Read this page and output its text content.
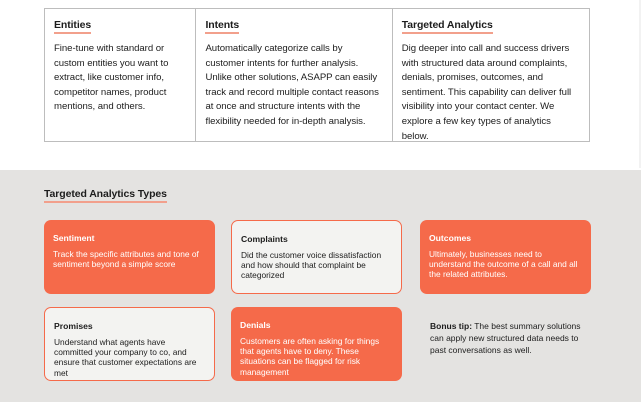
Entities
Fine-tune with standard or custom entities you want to extract, like customer info, competitor names, product mentions, and others.
Intents
Automatically categorize calls by customer intents for further analysis. Unlike other solutions, ASAPP can easily track and record multiple contact reasons at once and structure intents with the flexibility needed for in-depth analysis.
Targeted Analytics
Dig deeper into call and success drivers with structured data around complaints, denials, promises, outcomes, and sentiment. This capability can deliver full visibility into your contact center. We explore a few key types of analytics below.
Targeted Analytics Types
Sentiment
Track the specific attributes and tone of sentiment beyond a simple score
Complaints
Did the customer voice dissatisfaction and how should that complaint be categorized
Outcomes
Ultimately, businesses need to understand the outcome of a call and all the related attributes.
Promises
Understand what agents have committed your company to co, and ensure that customer expectations are met
Denials
Customers are often asking for things that agents have to deny. These situations can be flagged for risk management
Bonus tip: The best summary solutions can apply new structured data needs to past conversations as well.
